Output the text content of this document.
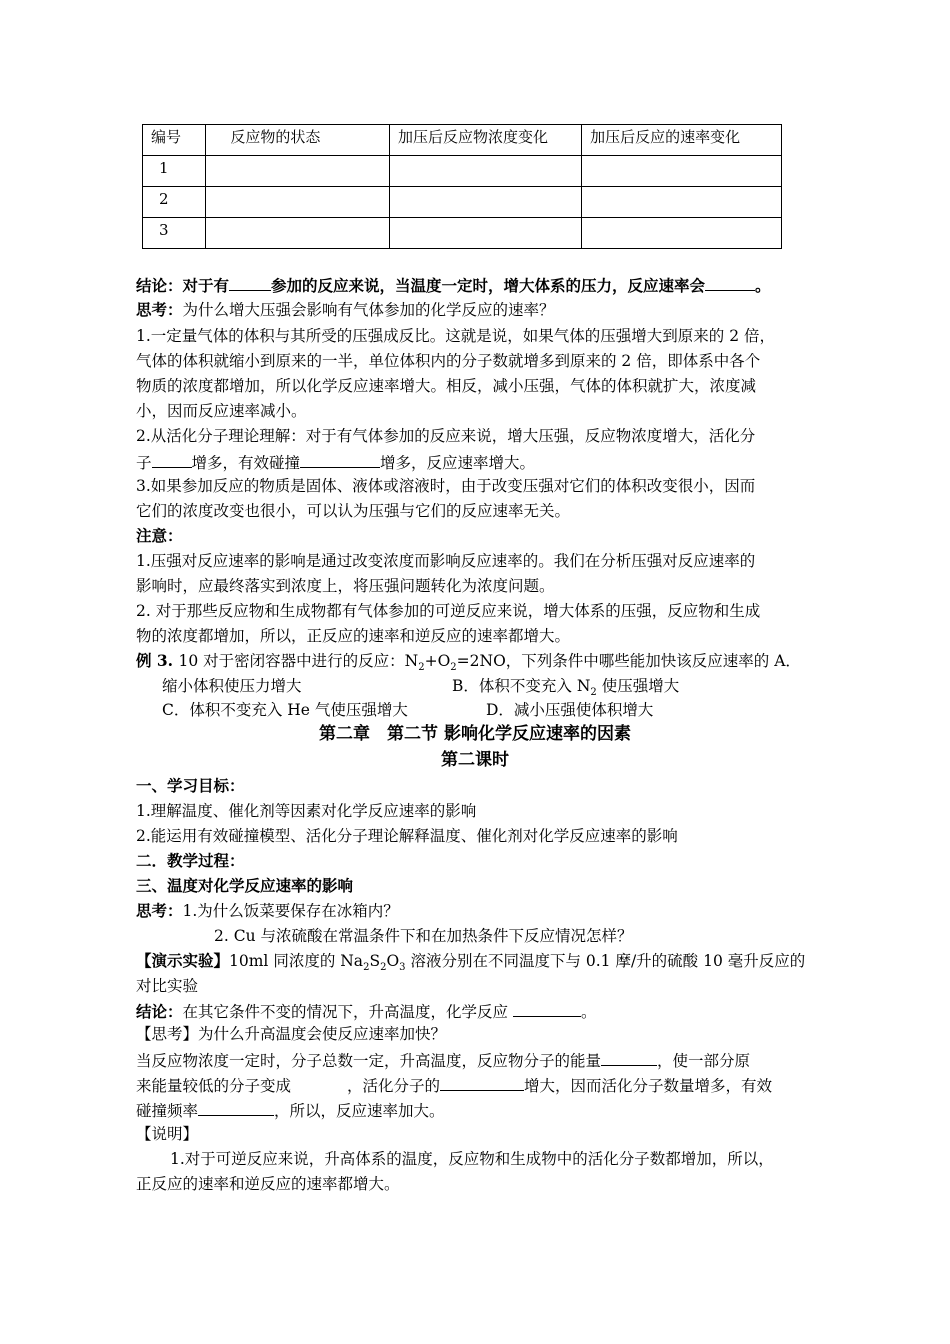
编号	反应物的状态	加压后反应物浓度变化	加压后反应的速率变化
1			
2			
3			
结论：对于有	参加的反应来说，当温度一定时，增大体系的压力，反应速率会	。
思考：为什么增大压强会影响有气体参加的化学反应的速率？
1.一定量气体的体积与其所受的压强成反比。这就是说，如果气体的压强增大到原来的 2 倍，
气体的体积就缩小到原来的一半，单位体积内的分子数就增多到原来的 2 倍，即体系中各个
物质的浓度都增加，所以化学反应速率增大。相反，减小压强，气体的体积就扩大，浓度减
小，因而反应速率减小。
2.从活化分子理论理解：对于有气体参加的反应来说，增大压强，反应物浓度增大，活化分
子	增多，有效碰撞	增多，反应速率增大。
3.如果参加反应的物质是固体、液体或溶液时，由于改变压强对它们的体积改变很小，因而
它们的浓度改变也很小，可以认为压强与它们的反应速率无关。
注意：
1.压强对反应速率的影响是通过改变浓度而影响反应速率的。我们在分析压强对反应速率的
影响时，应最终落实到浓度上，将压强问题转化为浓度问题。
2. 对于那些反应物和生成物都有气体参加的可逆反应来说，增大体系的压强，反应物和生成
物的浓度都增加，所以，正反应的速率和逆反应的速率都增大。
例 3. 10 对于密闭容器中进行的反应：$N_2+O_2=2NO$，下列条件中哪些能加快该反应速率的 A．
缩小体积使压力增大	B．体积不变充入 $N_2$ 使压强增大
C．体积不变充入 He 气使压强增大	D．减小压强使体积增大
第二章　第二节 影响化学反应速率的因素
第二课时
一、学习目标：
1.理解温度、催化剂等因素对化学反应速率的影响
2.能运用有效碰撞模型、活化分子理论解释温度、催化剂对化学反应速率的影响
二．教学过程：
三、温度对化学反应速率的影响
思考：1.为什么饭菜要保存在冰箱内？
2. Cu 与浓硫酸在常温条件下和在加热条件下反应情况怎样？
【演示实验】10ml 同浓度的 $Na_2S_2O_3$ 溶液分别在不同温度下与 0.1 摩/升的硫酸 10 毫升反应的
对比实验
结论：在其它条件不变的情况下，升高温度，化学反应	。
【思考】为什么升高温度会使反应速率加快？
当反应物浓度一定时，分子总数一定，升高温度，反应物分子的能量	，使一部分原
来能量较低的分子变成	，活化分子的	增大，因而活化分子数量增多，有效
碰撞频率	，所以，反应速率加大。
【说明】
1.对于可逆反应来说，升高体系的温度，反应物和生成物中的活化分子数都增加，所以，
正反应的速率和逆反应的速率都增大。
